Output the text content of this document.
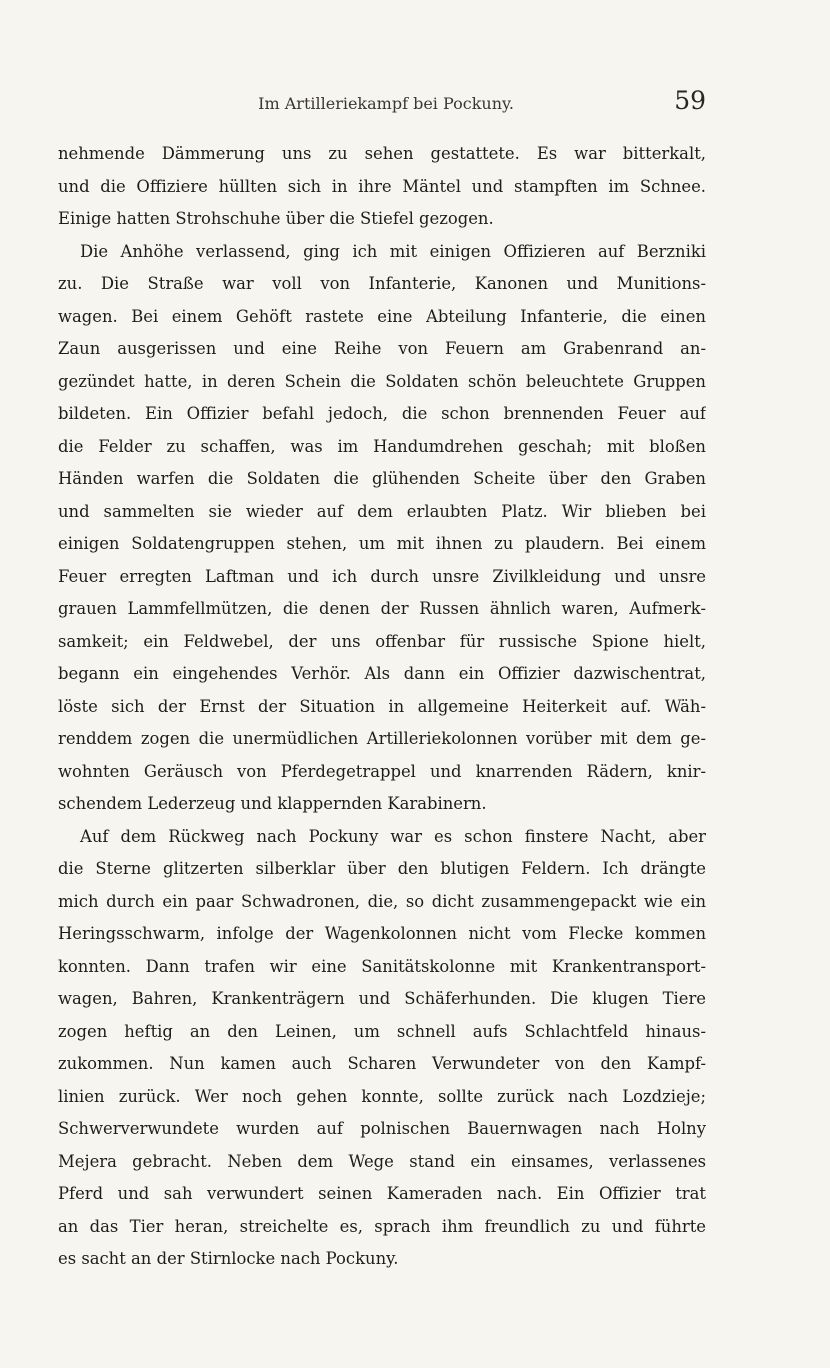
Im Artilleriekampf bei Pockuny.	59

nehmende Dämmerung uns zu sehen gestattete. Es war bitterkalt,

und die Offiziere hüllten sich in ihre Mäntel und stampften im Schnee.

Einige hatten Strohschuhe über die Stiefel gezogen.

Die Anhöhe verlassend, ging ich mit einigen Offizieren auf Berzniki

zu. Die Straße war voll von Infanterie, Kanonen und Munitions-

wagen. Bei einem Gehöft rastete eine Abteilung Infanterie, die einen

Zaun ausgerissen und eine Reihe von Feuern am Grabenrand an-

gezündet hatte, in deren Schein die Soldaten schön beleuchtete Gruppen

bildeten. Ein Offizier befahl jedoch, die schon brennenden Feuer auf

die Felder zu schaffen, was im Handumdrehen geschah; mit bloßen

Händen warfen die Soldaten die glühenden Scheite über den Graben

und sammelten sie wieder auf dem erlaubten Platz. Wir blieben bei

einigen Soldatengruppen stehen, um mit ihnen zu plaudern. Bei einem

Feuer erregten Laftman und ich durch unsre Zivilkleidung und unsre

grauen Lammfellmützen, die denen der Russen ähnlich waren, Aufmerk-

samkeit; ein Feldwebel, der uns offenbar für russische Spione hielt,

begann ein eingehendes Verhör. Als dann ein Offizier dazwischentrat,

löste sich der Ernst der Situation in allgemeine Heiterkeit auf. Wäh-

renddem zogen die unermüdlichen Artilleriekolonnen vorüber mit dem ge-

wohnten Geräusch von Pferdegetrappel und knarrenden Rädern, knir-

schendem Lederzeug und klappernden Karabinern.

Auf dem Rückweg nach Pockuny war es schon finstere Nacht, aber

die Sterne glitzerten silberklar über den blutigen Feldern. Ich drängte

mich durch ein paar Schwadronen, die, so dicht zusammengepackt wie ein

Heringsschwarm, infolge der Wagenkolonnen nicht vom Flecke kommen

konnten. Dann trafen wir eine Sanitätskolonne mit Krankentransport-

wagen, Bahren, Krankenträgern und Schäferhunden. Die klugen Tiere

zogen heftig an den Leinen, um schnell aufs Schlachtfeld hinaus-

zukommen. Nun kamen auch Scharen Verwundeter von den Kampf-

linien zurück. Wer noch gehen konnte, sollte zurück nach Lozdzieje;

Schwerverwundete wurden auf polnischen Bauernwagen nach Holny

Mejera gebracht. Neben dem Wege stand ein einsames, verlassenes

Pferd und sah verwundert seinen Kameraden nach. Ein Offizier trat

an das Tier heran, streichelte es, sprach ihm freundlich zu und führte

es sacht an der Stirnlocke nach Pockuny.
